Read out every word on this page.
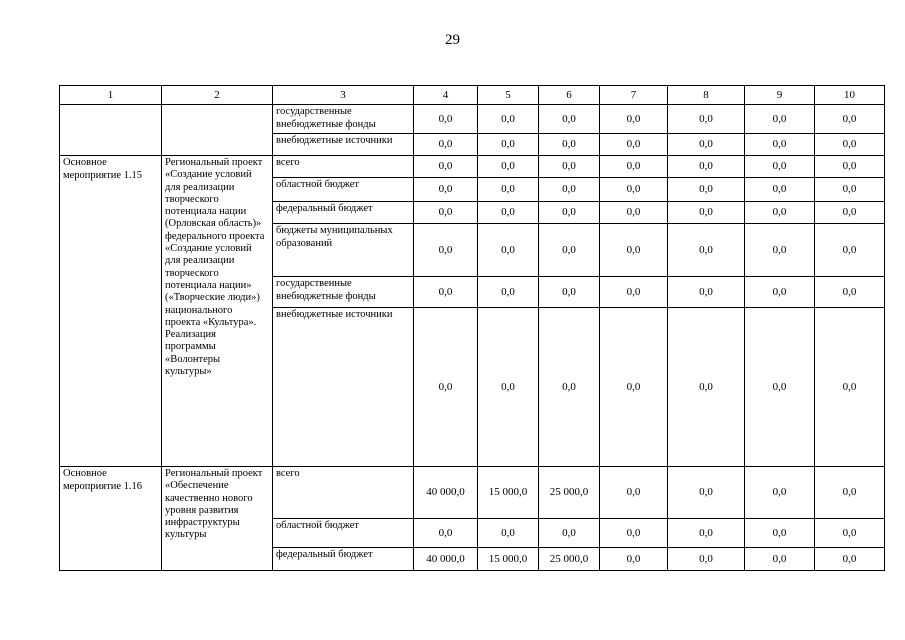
29
1	2	3	4	5	6	7	8	9	10
		государственные внебюджетные фонды	0,0	0,0	0,0	0,0	0,0	0,0	0,0
		внебюджетные источники	0,0	0,0	0,0	0,0	0,0	0,0	0,0
Основное мероприятие 1.15	Региональный проект «Создание условий для реализации творческого потенциала нации (Орловская область)» федерального проекта «Создание условий для реализации творческого потенциала нации» («Творческие люди») национального проекта «Культура». Реализация программы «Волонтеры культуры»	всего	0,0	0,0	0,0	0,0	0,0	0,0	0,0
		областной бюджет	0,0	0,0	0,0	0,0	0,0	0,0	0,0
		федеральный бюджет	0,0	0,0	0,0	0,0	0,0	0,0	0,0
		бюджеты муниципальных образований	0,0	0,0	0,0	0,0	0,0	0,0	0,0
		государственные внебюджетные фонды	0,0	0,0	0,0	0,0	0,0	0,0	0,0
		внебюджетные источники	0,0	0,0	0,0	0,0	0,0	0,0	0,0
Основное мероприятие 1.16	Региональный проект «Обеспечение качественно нового уровня развития инфраструктуры культуры	всего	40 000,0	15 000,0	25 000,0	0,0	0,0	0,0	0,0
		областной бюджет	0,0	0,0	0,0	0,0	0,0	0,0	0,0
		федеральный бюджет	40 000,0	15 000,0	25 000,0	0,0	0,0	0,0	0,0
